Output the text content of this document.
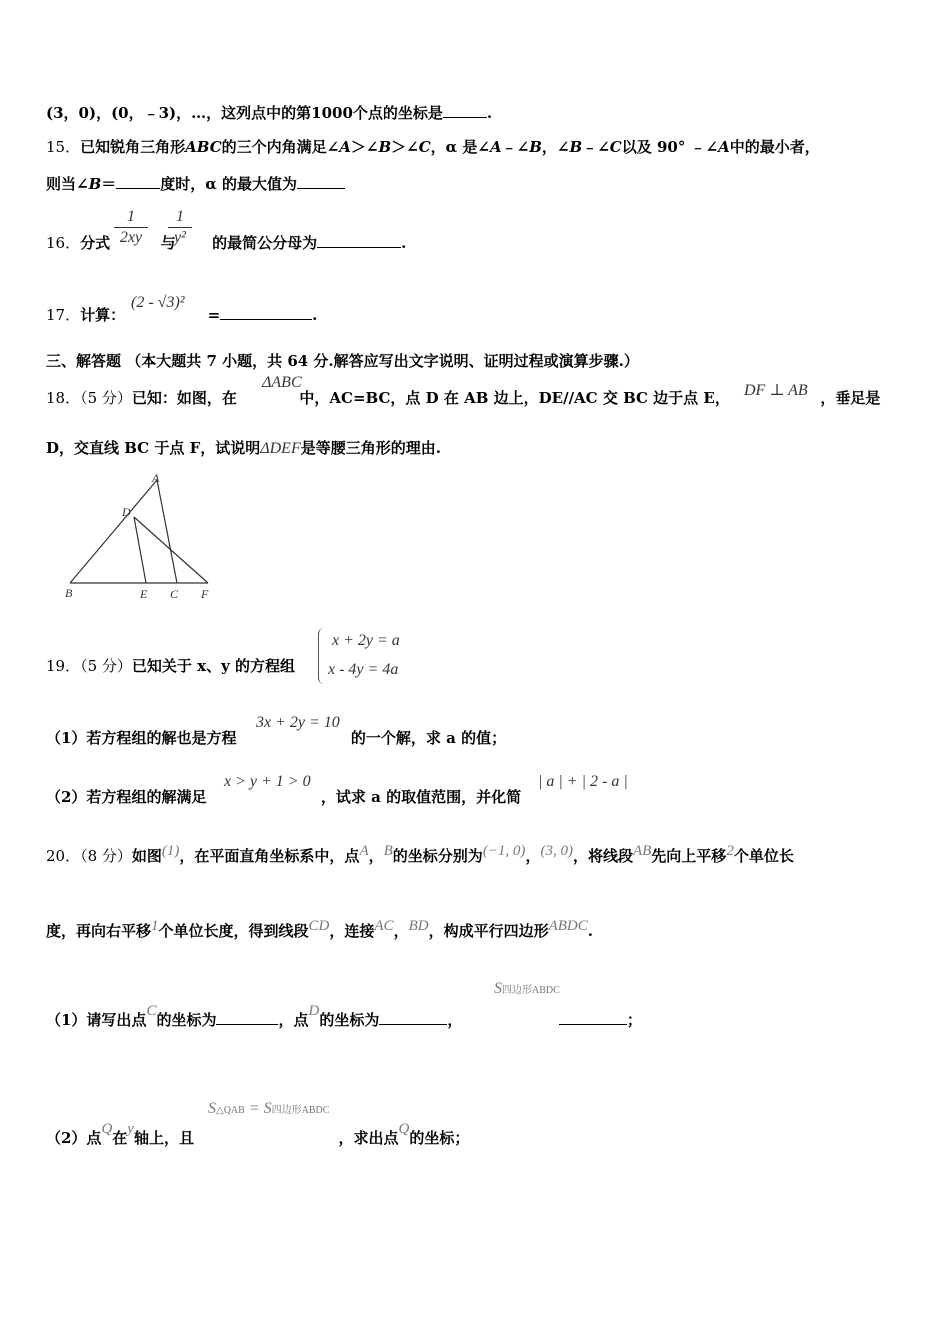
(3，0)，(0，﹣3)，…，这列点中的第1000个点的坐标是	.
15．已知锐角三角形ABC的三个内角满足∠A＞∠B＞∠C，α 是∠A﹣∠B，∠B﹣∠C以及 90° ﹣∠A中的最小者，
则当∠B＝	度时，α 的最大值为
16．分式	与 的最简公分母为	.
1
2xy
1
y²
17．计算：	=	.
(2 - √3)²
三、解答题 （本大题共 7 小题，共 64 分.解答应写出文字说明、证明过程或演算步骤.）
18．（5 分）已知：如图，在	中，AC=BC，点 D 在 AB 边上，DE//AC 交 BC 边于点 E，	，垂足是
ΔABC	DF ⊥ AB
D，交直线 BC 于点 F，试说明ΔDEF是等腰三角形的理由.
A
D
B	E C F
19．（5 分）已知关于 x、y 的方程组
x + 2y = a
x - 4y = 4a
（1）若方程组的解也是方程	的一个解，求 a 的值；
3x + 2y = 10
（2）若方程组的解满足	，试求 a 的取值范围，并化简
x > y + 1 > 0	| a | + | 2 - a |
20．（8 分）如图(1)，在平面直角坐标系中，点A，B的坐标分别为(−1, 0)，(3, 0)，将线段AB先向上平移2个单位长
度，再向右平移1个单位长度，得到线段CD，连接AC，BD，构成平行四边形ABDC.
（1）请写出点C的坐标为	，点D的坐标为	，	；
S四边形ABDC
（2）点Q在y轴上，且	，求出点Q的坐标；
S△QAB = S四边形ABDC
